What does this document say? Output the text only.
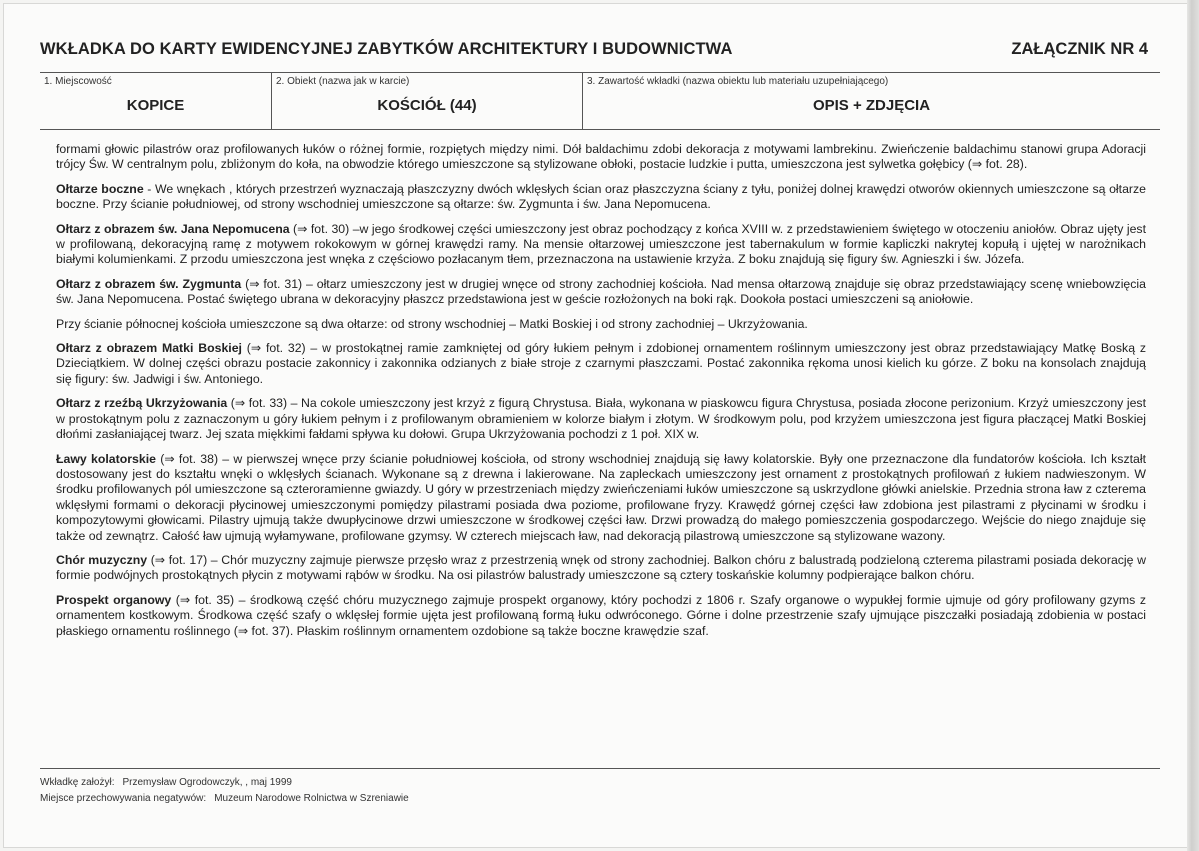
WKŁADKA DO KARTY EWIDENCYJNEJ ZABYTKÓW ARCHITEKTURY I BUDOWNICTWA	ZAŁĄCZNIK NR 4
1. Miejscowość
KOPICE
2. Obiekt (nazwa jak w karcie)
KOŚCIÓŁ (44)
3. Zawartość wkładki (nazwa obiektu lub materiału uzupełniającego)
OPIS + ZDJĘCIA

formami głowic pilastrów oraz profilowanych łuków o różnej formie, rozpiętych między nimi. Dół baldachimu zdobi dekoracja z motywami lambrekinu. Zwieńczenie baldachimu stanowi grupa Adoracji trójcy Św. W centralnym polu, zbliżonym do koła, na obwodzie którego umieszczone są stylizowane obłoki, postacie ludzkie i putta, umieszczona jest sylwetka gołębicy (⇒ fot. 28).

Ołtarze boczne - We wnękach , których przestrzeń wyznaczają płaszczyzny dwóch wklęsłych ścian oraz płaszczyzna ściany z tyłu, poniżej dolnej krawędzi otworów okiennych umieszczone są ołtarze boczne. Przy ścianie południowej, od strony wschodniej umieszczone są ołtarze: św. Zygmunta i św. Jana Nepomucena.

Ołtarz z obrazem św. Jana Nepomucena (⇒ fot. 30) –w jego środkowej części umieszczony jest obraz pochodzący z końca XVIII w. z przedstawieniem świętego w otoczeniu aniołów. Obraz ujęty jest w profilowaną, dekoracyjną ramę z motywem rokokowym w górnej krawędzi ramy. Na mensie ołtarzowej umieszczone jest tabernakulum w formie kapliczki nakrytej kopułą i ujętej w narożnikach białymi kolumienkami. Z przodu umieszczona jest wnęka z częściowo pozłacanym tłem, przeznaczona na ustawienie krzyża. Z boku znajdują się figury św. Agnieszki i św. Józefa.

Ołtarz z obrazem św. Zygmunta (⇒ fot. 31) – ołtarz umieszczony jest w drugiej wnęce od strony zachodniej kościoła. Nad mensa ołtarzową znajduje się obraz przedstawiający scenę wniebowzięcia św. Jana Nepomucena. Postać świętego ubrana w dekoracyjny płaszcz przedstawiona jest w geście rozłożonych na boki rąk. Dookoła postaci umieszczeni są aniołowie.

Przy ścianie północnej kościoła umieszczone są dwa ołtarze: od strony wschodniej – Matki Boskiej i od strony zachodniej – Ukrzyżowania.

Ołtarz z obrazem Matki Boskiej (⇒ fot. 32) – w prostokątnej ramie zamkniętej od góry łukiem pełnym i zdobionej ornamentem roślinnym umieszczony jest obraz przedstawiający Matkę Boską z Dzieciątkiem. W dolnej części obrazu postacie zakonnicy i zakonnika odzianych z białe stroje z czarnymi płaszczami. Postać zakonnika rękoma unosi kielich ku górze. Z boku na konsolach znajdują się figury: św. Jadwigi i św. Antoniego.

Ołtarz z rzeźbą Ukrzyżowania (⇒ fot. 33) – Na cokole umieszczony jest krzyż z figurą Chrystusa. Biała, wykonana w piaskowcu figura Chrystusa, posiada złocone perizonium. Krzyż umieszczony jest w prostokątnym polu z zaznaczonym u góry łukiem pełnym i z profilowanym obramieniem w kolorze białym i złotym. W środkowym polu, pod krzyżem umieszczona jest figura płaczącej Matki Boskiej dłońmi zasłaniającej twarz. Jej szata miękkimi fałdami spływa ku dołowi. Grupa Ukrzyżowania pochodzi z 1 poł. XIX w.

Ławy kolatorskie (⇒ fot. 38) – w pierwszej wnęce przy ścianie południowej kościoła, od strony wschodniej znajdują się ławy kolatorskie. Były one przeznaczone dla fundatorów kościoła. Ich kształt dostosowany jest do kształtu wnęki o wklęsłych ścianach. Wykonane są z drewna i lakierowane. Na zapleckach umieszczony jest ornament z prostokątnych profilowań z łukiem nadwieszonym. W środku profilowanych pól umieszczone są czteroramienne gwiazdy. U góry w przestrzeniach między zwieńczeniami łuków umieszczone są uskrzydlone główki anielskie. Przednia strona ław z czterema wklęsłymi formami o dekoracji płycinowej umieszczonymi pomiędzy pilastrami posiada dwa poziome, profilowane fryzy. Krawędź górnej części ław zdobiona jest pilastrami z płycinami w środku i kompozytowymi głowicami. Pilastry ujmują także dwupłycinowe drzwi umieszczone w środkowej części ław. Drzwi prowadzą do małego pomieszczenia gospodarczego. Wejście do niego znajduje się także od zewnątrz. Całość ław ujmują wyłamywane, profilowane gzymsy. W czterech miejscach ław, nad dekoracją pilastrową umieszczone są stylizowane wazony.

Chór muzyczny (⇒ fot. 17) – Chór muzyczny zajmuje pierwsze przęsło wraz z przestrzenią wnęk od strony zachodniej. Balkon chóru z balustradą podzieloną czterema pilastrami posiada dekorację w formie podwójnych prostokątnych płycin z motywami rąbów w środku. Na osi pilastrów balustrady umieszczone są cztery toskańskie kolumny podpierające balkon chóru.

Prospekt organowy (⇒ fot. 35) – środkową część chóru muzycznego zajmuje prospekt organowy, który pochodzi z 1806 r. Szafy organowe o wypukłej formie ujmuje od góry profilowany gzyms z ornamentem kostkowym. Środkowa część szafy o wklęsłej formie ujęta jest profilowaną formą łuku odwróconego. Górne i dolne przestrzenie szafy ujmujące piszczałki posiadają zdobienia w postaci płaskiego ornamentu roślinnego (⇒ fot. 37). Płaskim roślinnym ornamentem ozdobione są także boczne krawędzie szaf.

Wkładkę założył: Przemysław Ogrodowczyk, , maj 1999
Miejsce przechowywania negatywów: Muzeum Narodowe Rolnictwa w Szreniawie
